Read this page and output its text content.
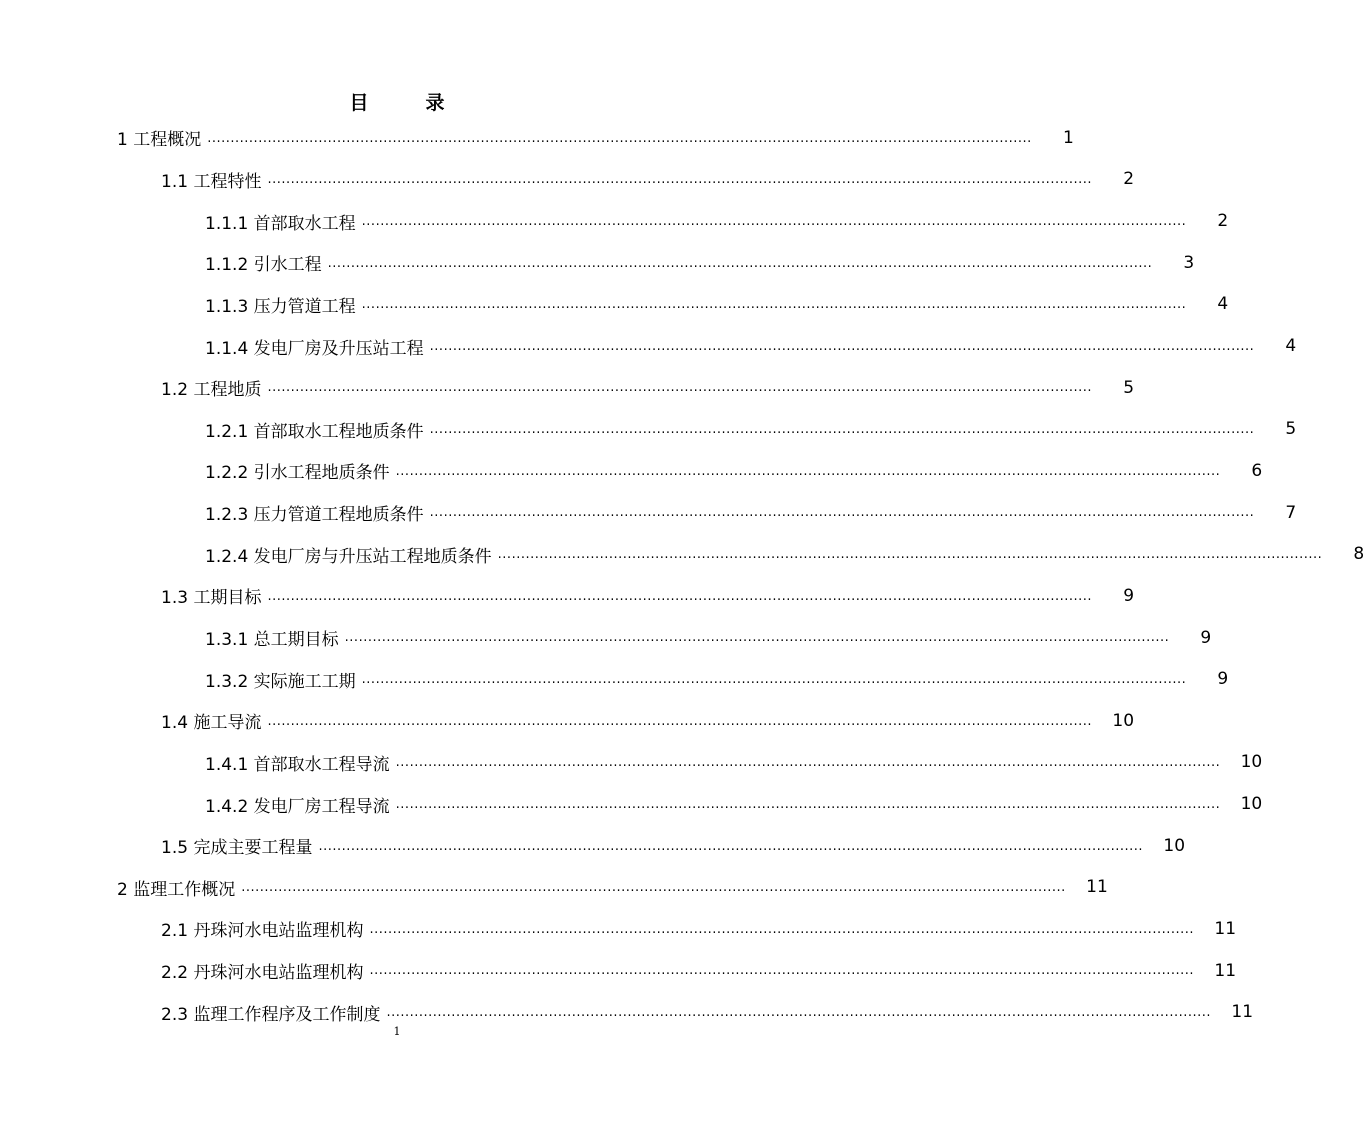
目　　　录
1 工程概况 ..................................................................................................................................................................................	1
1.1 工程特性 ..................................................................................................................................................................................	2
1.1.1 首部取水工程 ..................................................................................................................................................................................	2
1.1.2 引水工程 ..................................................................................................................................................................................	3
1.1.3 压力管道工程 ..................................................................................................................................................................................	4
1.1.4 发电厂房及升压站工程 ..................................................................................................................................................................................	4
1.2 工程地质 ..................................................................................................................................................................................	5
1.2.1 首部取水工程地质条件 ..................................................................................................................................................................................	5
1.2.2 引水工程地质条件 ..................................................................................................................................................................................	6
1.2.3 压力管道工程地质条件 ..................................................................................................................................................................................	7
1.2.4 发电厂房与升压站工程地质条件 ..................................................................................................................................................................................	8
1.3 工期目标 ..................................................................................................................................................................................	9
1.3.1 总工期目标 ..................................................................................................................................................................................	9
1.3.2 实际施工工期 ..................................................................................................................................................................................	9
1.4 施工导流 ..................................................................................................................................................................................	10
1.4.1 首部取水工程导流 ..................................................................................................................................................................................	10
1.4.2 发电厂房工程导流 ..................................................................................................................................................................................	10
1.5 完成主要工程量 ..................................................................................................................................................................................	10
2 监理工作概况 ..................................................................................................................................................................................	11
2.1 丹珠河水电站监理机构 ..................................................................................................................................................................................	11
2.2 丹珠河水电站监理机构 ..................................................................................................................................................................................	11
2.3 监理工作程序及工作制度 ..................................................................................................................................................................................	11
1
